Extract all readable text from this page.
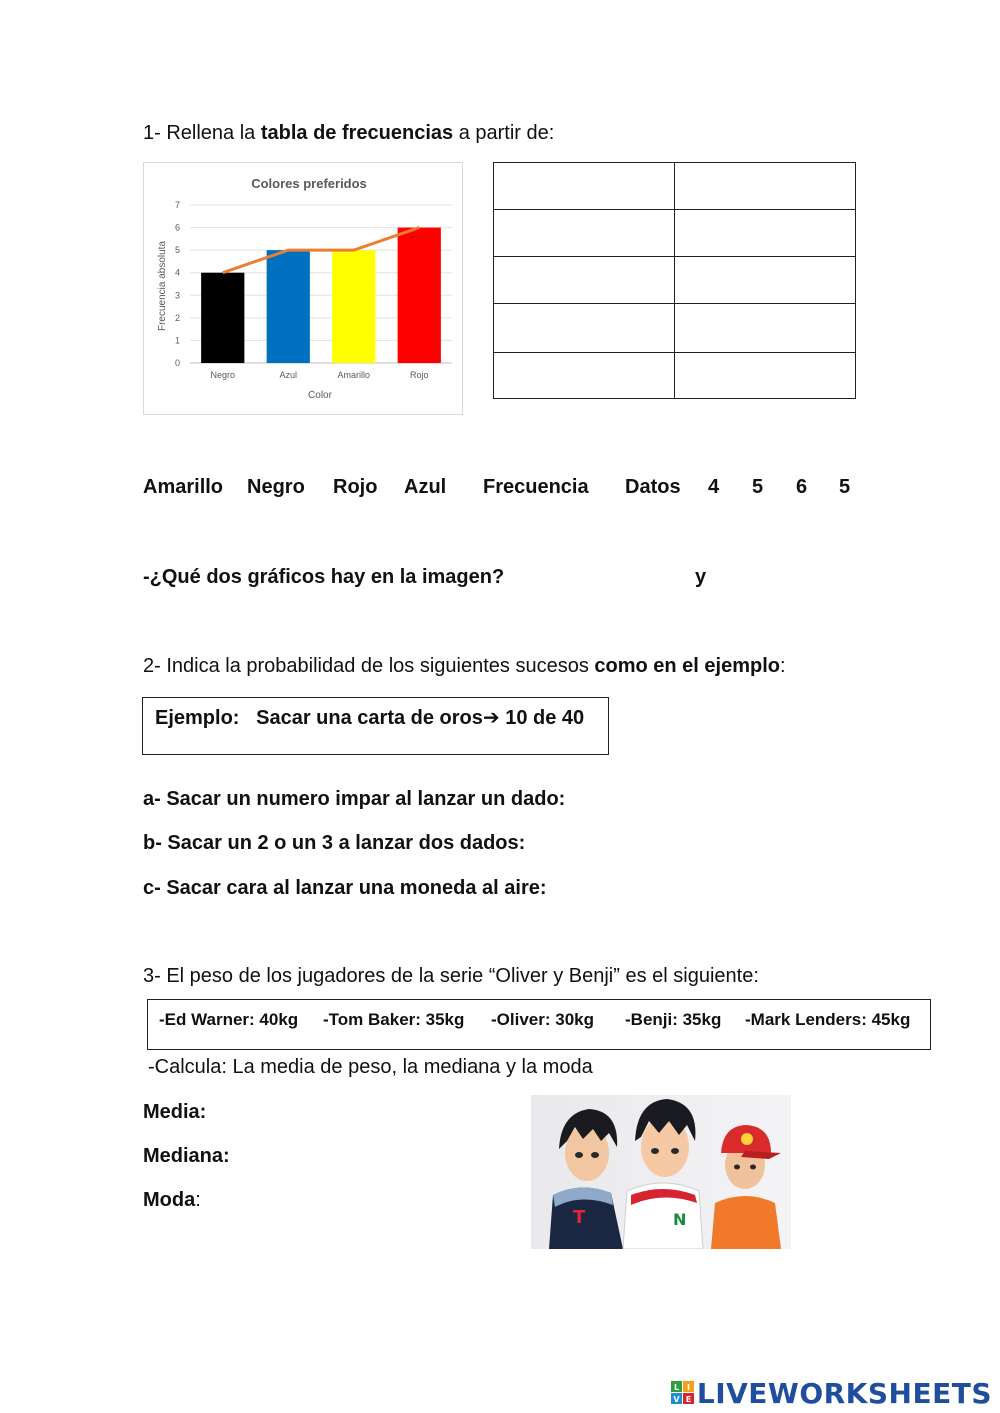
1- Rellena la tabla de frecuencias a partir de:
Colores preferidos
Frecuencia absoluta
Color
0
1
2
3
4
5
6
7
Negro	Azul	Amarillo	Rojo

Amarillo Negro Rojo Azul Frecuencia Datos 4 5 6 5
-¿Qué dos gráficos hay en la imagen?	y
2- Indica la probabilidad de los siguientes sucesos como en el ejemplo:
Ejemplo: Sacar una carta de oros➔ 10 de 40
a- Sacar un numero impar al lanzar un dado:
b- Sacar un 2 o un 3 a lanzar dos dados:
c- Sacar cara al lanzar una moneda al aire:
3- El peso de los jugadores de la serie “Oliver y Benji” es el siguiente:
-Ed Warner: 40kg -Tom Baker: 35kg -Oliver: 30kg -Benji: 35kg -Mark Lenders: 45kg
-Calcula: La media de peso, la mediana y la moda
Media:
Mediana:
Moda:
T	N
L I
V E LIVEWORKSHEETS
